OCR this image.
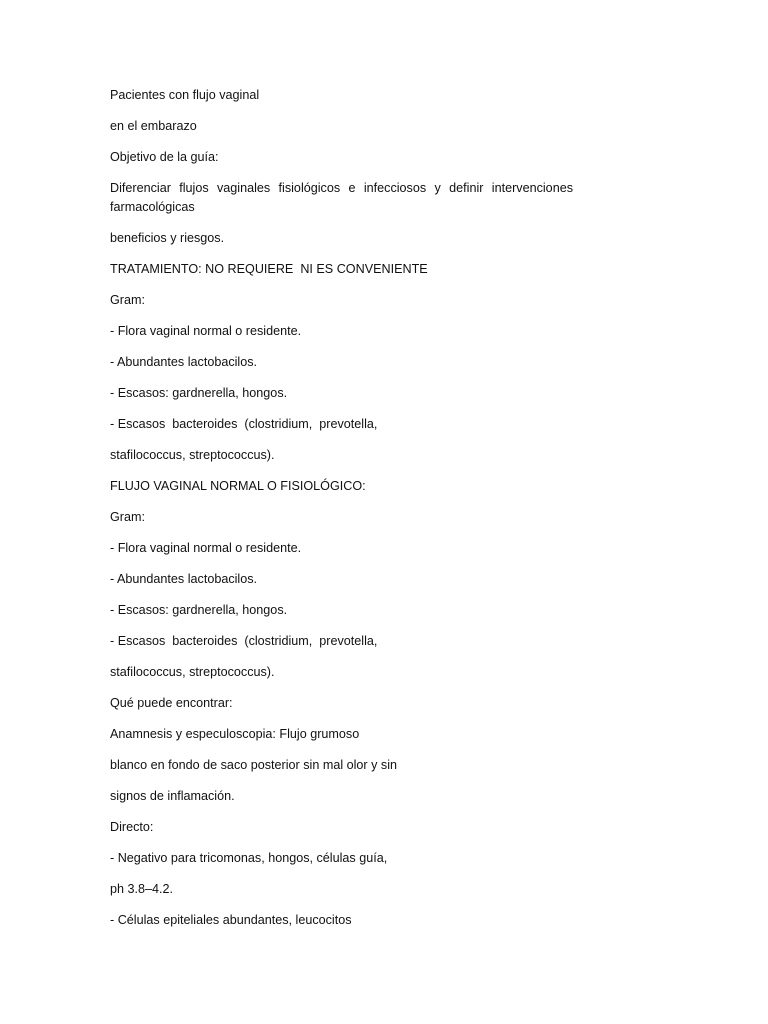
Pacientes con flujo vaginal

en el embarazo

Objetivo de la guía:

Diferenciar flujos vaginales fisiológicos e infecciosos y definir intervenciones farmacológicas

beneficios y riesgos.

TRATAMIENTO: NO REQUIERE  NI ES CONVENIENTE

Gram:

- Flora vaginal normal o residente.

- Abundantes lactobacilos.

- Escasos: gardnerella, hongos.

- Escasos  bacteroides  (clostridium,  prevotella,

stafilococcus, streptococcus).

FLUJO VAGINAL NORMAL O FISIOLÓGICO:

Gram:

- Flora vaginal normal o residente.

- Abundantes lactobacilos.

- Escasos: gardnerella, hongos.

- Escasos  bacteroides  (clostridium,  prevotella,

stafilococcus, streptococcus).

Qué puede encontrar:

Anamnesis y especuloscopia: Flujo grumoso

blanco en fondo de saco posterior sin mal olor y sin

signos de inflamación.

Directo:

- Negativo para tricomonas, hongos, células guía,

ph 3.8–4.2.

- Células epiteliales abundantes, leucocitos
